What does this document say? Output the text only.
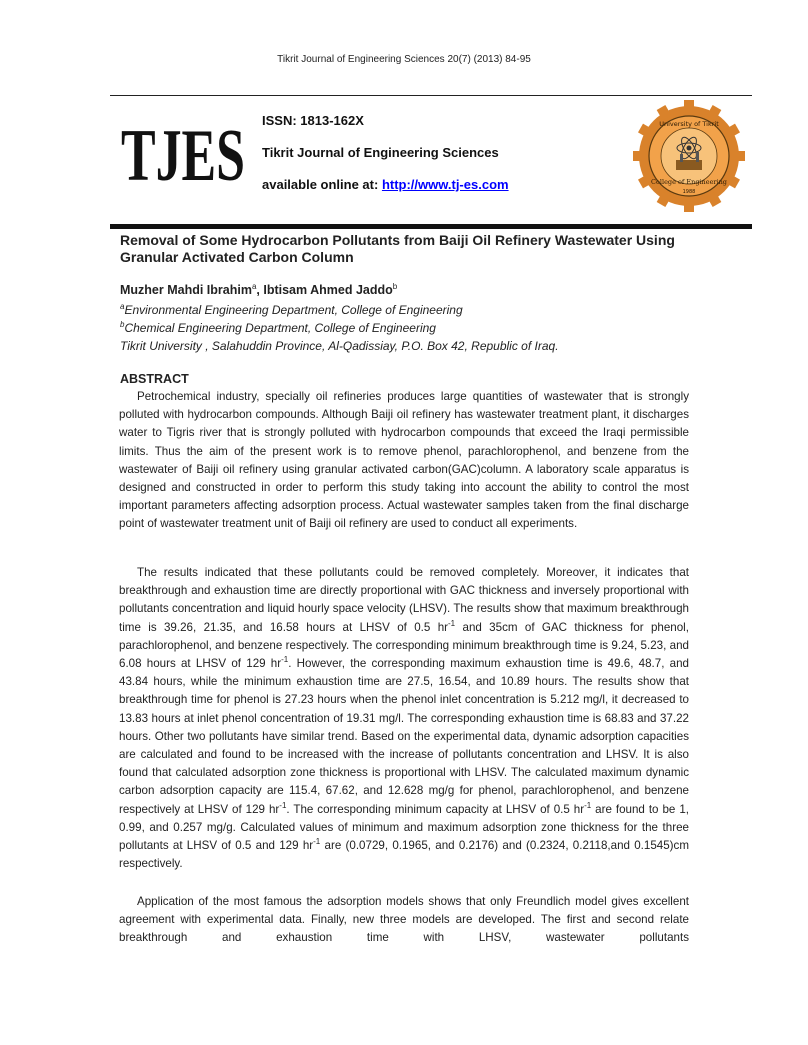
Tikrit Journal of Engineering Sciences 20(7) (2013) 84-95
TJES ISSN: 1813-162X
Tikrit Journal of Engineering Sciences
available online at: http://www.tj-es.com
University of Tikrit
College of Engineering
1988
Removal of Some Hydrocarbon Pollutants from Baiji Oil Refinery Wastewater Using Granular Activated Carbon Column
Muzher Mahdi Ibrahim$^a$, Ibtisam Ahmed Jaddo$^b$
$^a$Environmental Engineering Department, College of Engineering
$^b$Chemical Engineering Department, College of Engineering
Tikrit University , Salahuddin Province, Al-Qadissiay, P.O. Box 42, Republic of Iraq.
ABSTRACT
Petrochemical industry, specially oil refineries produces large quantities of wastewater that is strongly polluted with hydrocarbon compounds. Although Baiji oil refinery has wastewater treatment plant, it discharges water to Tigris river that is strongly polluted with hydrocarbon compounds that exceed the Iraqi permissible limits. Thus the aim of the present work is to remove phenol, parachlorophenol, and benzene from the wastewater of Baiji oil refinery using granular activated carbon(GAC)column. A laboratory scale apparatus is designed and constructed in order to perform this study taking into account the ability to control the most important parameters affecting adsorption process. Actual wastewater samples taken from the final discharge point of wastewater treatment unit of Baiji oil refinery are used to conduct all experiments.
The results indicated that these pollutants could be removed completely. Moreover, it indicates that breakthrough and exhaustion time are directly proportional with GAC thickness and inversely proportional with pollutants concentration and liquid hourly space velocity (LHSV). The results show that maximum breakthrough time is 39.26, 21.35, and 16.58 hours at LHSV of 0.5 $hr^{-1}$ and 35cm of GAC thickness for phenol, parachlorophenol, and benzene respectively. The corresponding minimum breakthrough time is 9.24, 5.23, and 6.08 hours at LHSV of 129 $hr^{-1}$. However, the corresponding maximum exhaustion time is 49.6, 48.7, and 43.84 hours, while the minimum exhaustion time are 27.5, 16.54, and 10.89 hours. The results show that breakthrough time for phenol is 27.23 hours when the phenol inlet concentration is 5.212 mg/l, it decreased to 13.83 hours at inlet phenol concentration of 19.31 mg/l. The corresponding exhaustion time is 68.83 and 37.22 hours. Other two pollutants have similar trend. Based on the experimental data, dynamic adsorption capacities are calculated and found to be increased with the increase of pollutants concentration and LHSV. It is also found that calculated adsorption zone thickness is proportional with LHSV. The calculated maximum dynamic carbon adsorption capacity are 115.4, 67.62, and 12.628 mg/g for phenol, parachlorophenol, and benzene respectively at LHSV of 129 $hr^{-1}$. The corresponding minimum capacity at LHSV of 0.5 $hr^{-1}$ are found to be 1, 0.99, and 0.257 mg/g. Calculated values of minimum and maximum adsorption zone thickness for the three pollutants at LHSV of 0.5 and 129 $hr^{-1}$ are (0.0729, 0.1965, and 0.2176) and (0.2324, 0.2118,and 0.1545)cm respectively.
Application of the most famous the adsorption models shows that only Freundlich model gives excellent agreement with experimental data. Finally, new three models are developed. The first and second relate breakthrough and exhaustion time with LHSV, wastewater pollutants
